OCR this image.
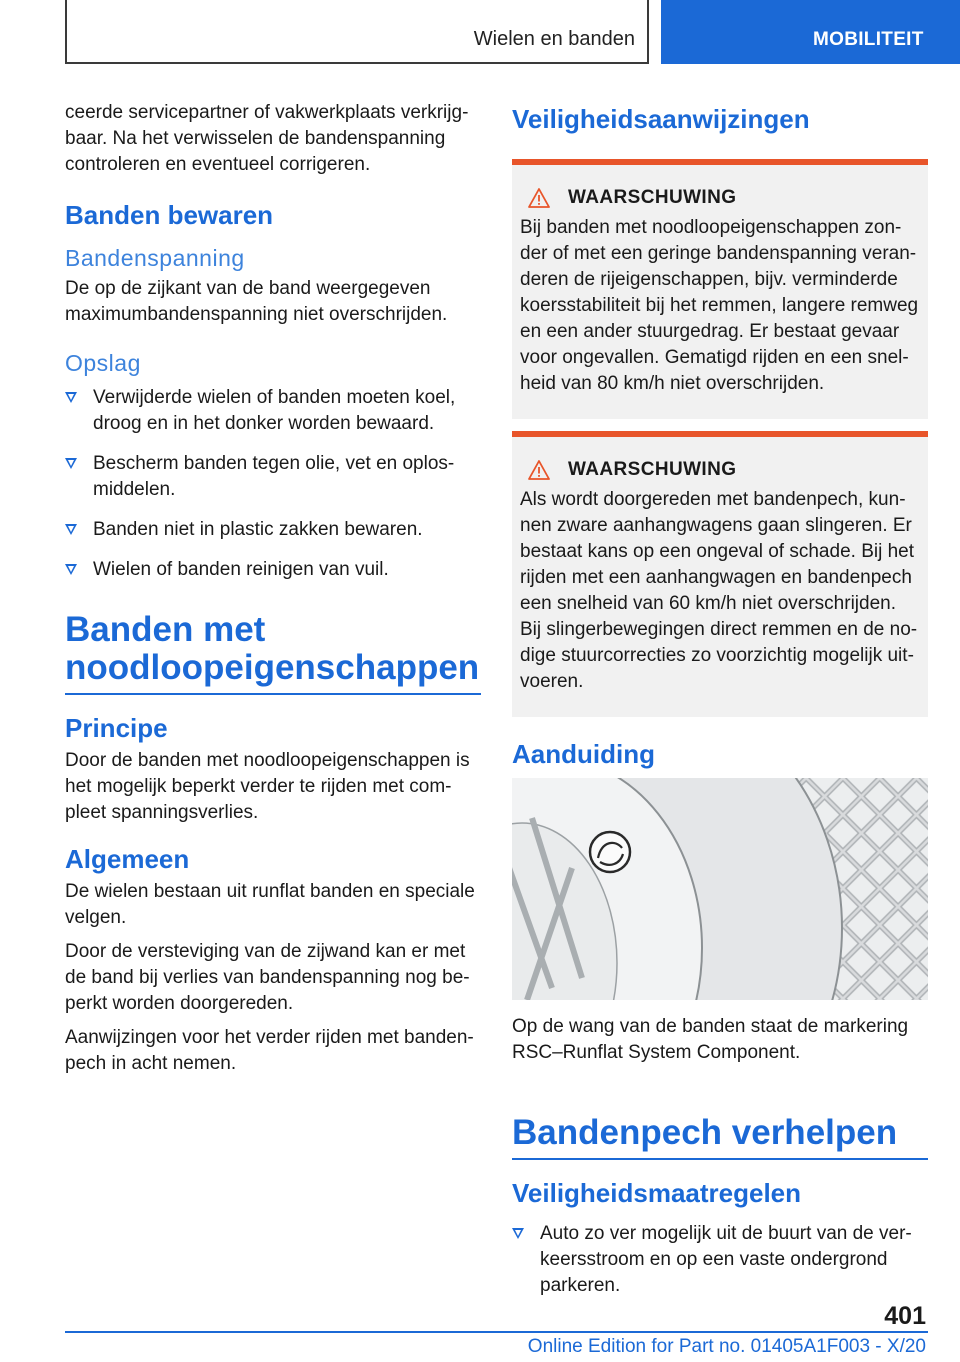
Wielen en banden	MOBILITEIT

ceerde servicepartner of vakwerkplaats verkrijgbaar. Na het verwisselen de bandenspanning controleren en eventueel corrigeren.

Banden bewaren
Bandenspanning

De op de zijkant van de band weergegeven maximumbandenspanning niet overschrijden.

Opslag
Verwijderde wielen of banden moeten koel, droog en in het donker worden bewaard.
Bescherm banden tegen olie, vet en oplosmiddelen.
Banden niet in plastic zakken bewaren.
Wielen of banden reinigen van vuil.
Banden met noodloopeigenschappen
Principe

Door de banden met noodloopeigenschappen is het mogelijk beperkt verder te rijden met compleet spanningsverlies.

Algemeen

De wielen bestaan uit runflat banden en speciale velgen.

Door de versteviging van de zijwand kan er met de band bij verlies van bandenspanning nog beperkt worden doorgereden.

Aanwijzingen voor het verder rijden met bandenpech in acht nemen.

Veiligheidsaanwijzingen
WAARSCHUWING

Bij banden met noodloopeigenschappen zonder of met een geringe bandenspanning veranderen de rijeigenschappen, bijv. verminderde koersstabiliteit bij het remmen, langere remweg en een ander stuurgedrag. Er bestaat gevaar voor ongevallen. Gematigd rijden en een snelheid van 80 km/h niet overschrijden.

WAARSCHUWING

Als wordt doorgereden met bandenpech, kunnen zware aanhangwagens gaan slingeren. Er bestaat kans op een ongeval of schade. Bij het rijden met een aanhangwagen en bandenpech een snelheid van 60 km/h niet overschrijden. Bij slingerbewegingen direct remmen en de nodige stuurcorrecties zo voorzichtig mogelijk uitvoeren.

Aanduiding

Op de wang van de banden staat de markering RSC–Runflat System Component.

Bandenpech verhelpen
Veiligheidsmaatregelen
Auto zo ver mogelijk uit de buurt van de verkeersstroom en op een vaste ondergrond parkeren.
401
Online Edition for Part no. 01405A1F003 - X/20
